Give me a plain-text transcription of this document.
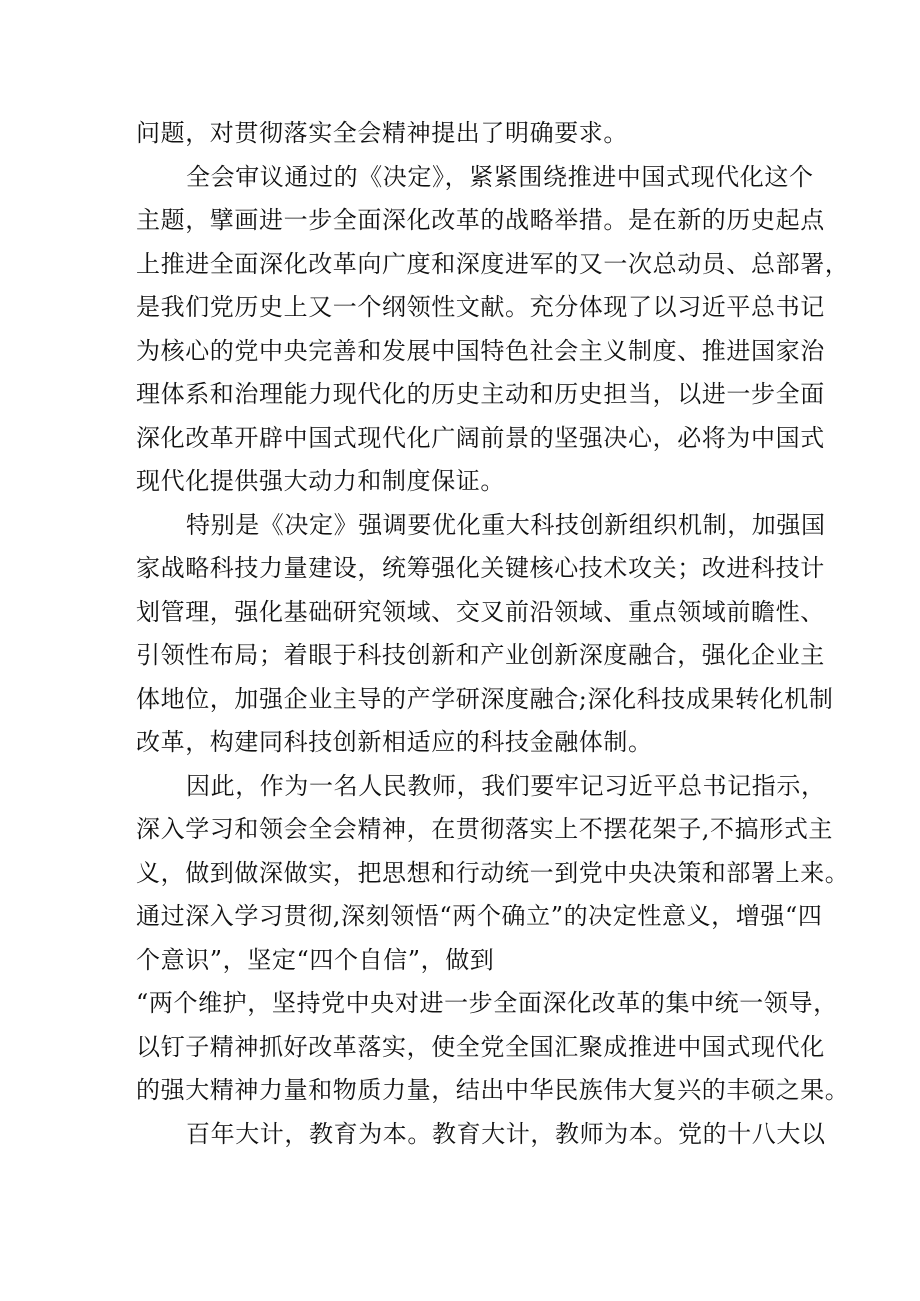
问题，对贯彻落实全会精神提出了明确要求。
全会审议通过的《决定》，紧紧围绕推进中国式现代化这个
主题，擘画进一步全面深化改革的战略举措。是在新的历史起点
上推进全面深化改革向广度和深度进军的又一次总动员、总部署，
是我们党历史上又一个纲领性文献。充分体现了以习近平总书记
为核心的党中央完善和发展中国特色社会主义制度、推进国家治
理体系和治理能力现代化的历史主动和历史担当，以进一步全面
深化改革开辟中国式现代化广阔前景的坚强决心，必将为中国式
现代化提供强大动力和制度保证。
特别是《决定》强调要优化重大科技创新组织机制，加强国
家战略科技力量建设，统筹强化关键核心技术攻关；改进科技计
划管理，强化基础研究领域、交叉前沿领域、重点领域前瞻性、
引领性布局；着眼于科技创新和产业创新深度融合，强化企业主
体地位，加强企业主导的产学研深度融合;深化科技成果转化机制
改革，构建同科技创新相适应的科技金融体制。
因此，作为一名人民教师，我们要牢记习近平总书记指示，
深入学习和领会全会精神，在贯彻落实上不摆花架子,不搞形式主
义，做到做深做实，把思想和行动统一到党中央决策和部署上来。
通过深入学习贯彻,深刻领悟“两个确立”的决定性意义，增强“四
个意识”，坚定“四个自信”，做到
“两个维护，坚持党中央对进一步全面深化改革的集中统一领导，
以钉子精神抓好改革落实，使全党全国汇聚成推进中国式现代化
的强大精神力量和物质力量，结出中华民族伟大复兴的丰硕之果。
百年大计，教育为本。教育大计，教师为本。党的十八大以
